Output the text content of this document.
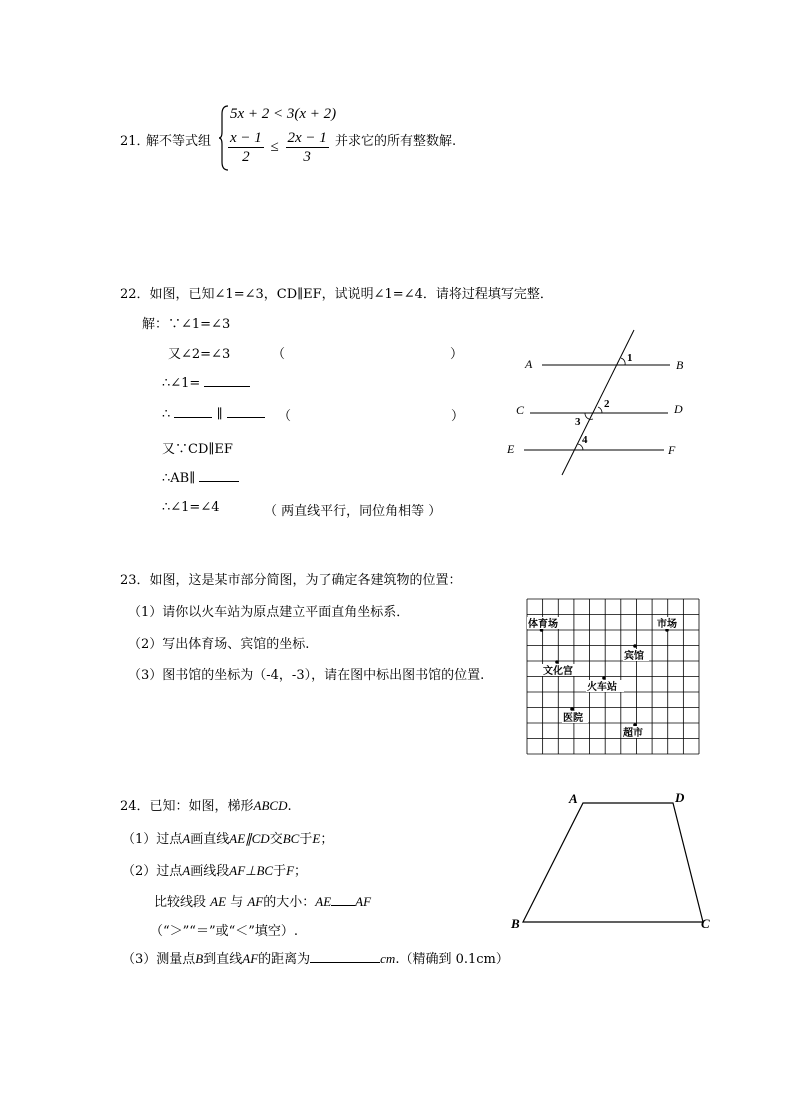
21．
解不等式组
5x + 2 < 3(x + 2)
$\frac{x - 1}{2} \le \frac{2x - 1}{3}$ 并求它的所有整数解.
22．如图，已知∠1=∠3，CD∥EF，试说明∠1=∠4．请将过程填写完整．
解：∵∠1=∠3
又∠2=∠3	（	）
∴∠1=
∴	∥	（	）
又∵CD∥EF
∴AB∥
∴∠1=∠4	（ 两直线平行，同位角相等 ）
A	B
C	D
E	F
1
2
3
4
23．如图，这是某市部分简图，为了确定各建筑物的位置：
（1）请你以火车站为原点建立平面直角坐标系．
（2）写出体育场、宾馆的坐标.
（3）图书馆的坐标为（-4，-3），请在图中标出图书馆的位置.
体育场	市场
宾馆
文化宫
火车站
医院
超市
24．已知：如图，梯形ABCD.
（1）过点A画直线AE∥CD交BC于E；
（2）过点A画线段AF⊥BC于F；
比较线段 AE 与 AF的大小：AE AF
（“＞”“＝”或“＜”填空）.
（3）测量点B到直线AF的距离为	cm.（精确到 0.1cm）
A	D
B	C
